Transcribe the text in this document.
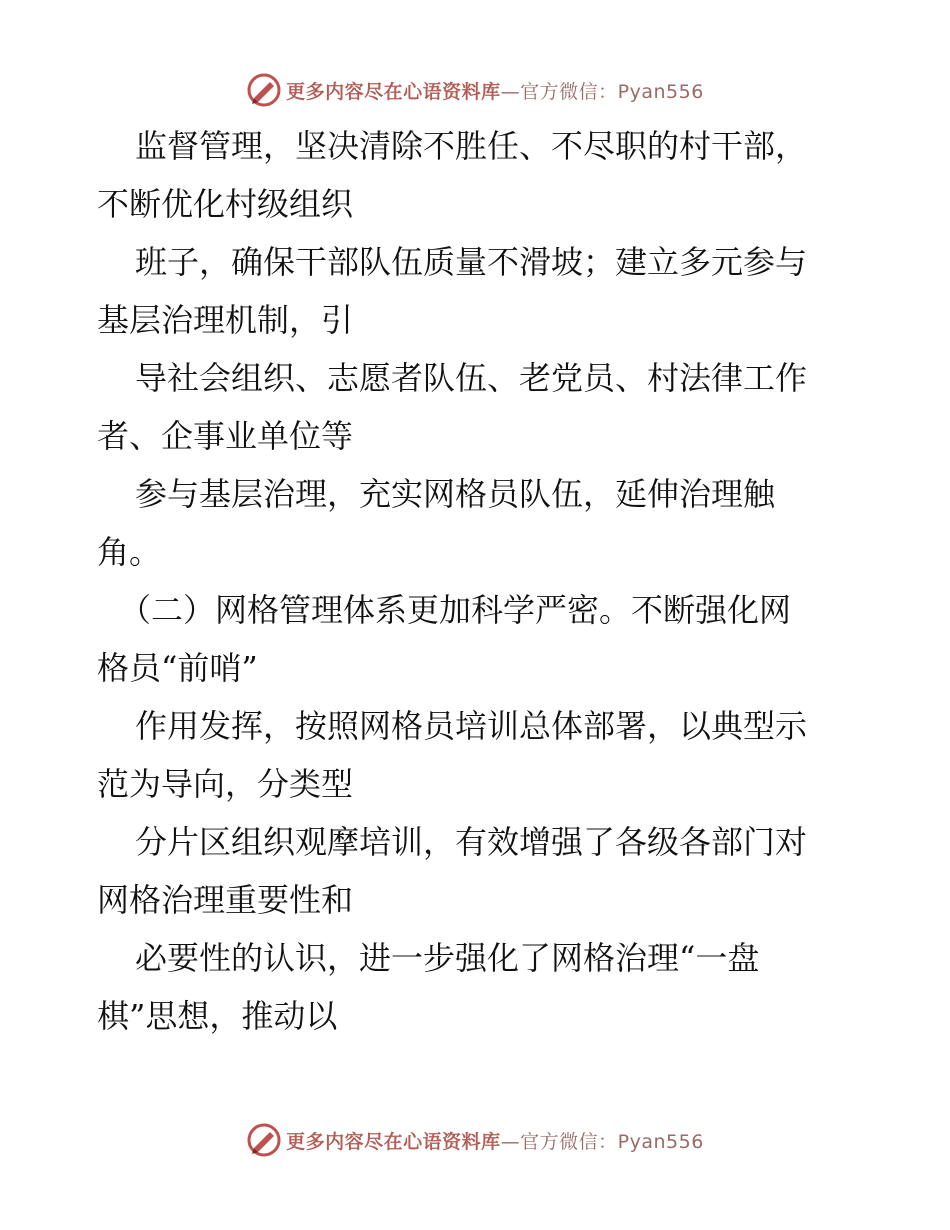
更多内容尽在心语资料库—官方微信：Pyan556

监督管理，坚决清除不胜任、不尽职的村干部，

不断优化村级组织

班子，确保干部队伍质量不滑坡；建立多元参与

基层治理机制，引

导社会组织、志愿者队伍、老党员、村法律工作

者、企事业单位等

参与基层治理，充实网格员队伍，延伸治理触

角。

（二）网格管理体系更加科学严密。不断强化网

格员“前哨”

作用发挥，按照网格员培训总体部署，以典型示

范为导向，分类型

分片区组织观摩培训，有效增强了各级各部门对

网格治理重要性和

必要性的认识，进一步强化了网格治理“一盘

棋”思想，推动以

更多内容尽在心语资料库—官方微信：Pyan556
